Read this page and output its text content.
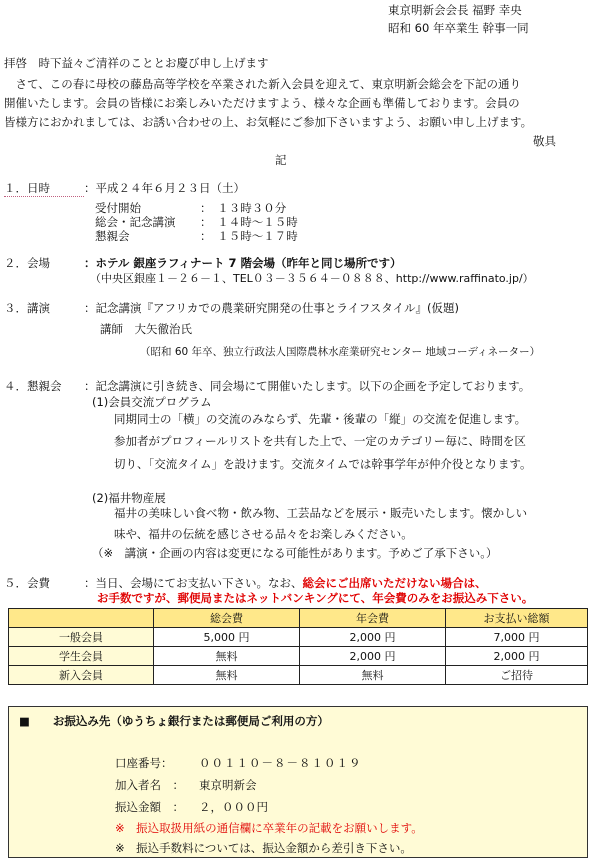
東京明新会会長 福野 幸央
昭和 60 年卒業生 幹事一同
拝啓　時下益々ご清祥のこととお慶び申し上げます
　さて、この春に母校の藤島高等学校を卒業された新入会員を迎えて、東京明新会総会を下記の通り
開催いたします。会員の皆様にお楽しみいただけますよう、様々な企画も準備しております。会員の
皆様方におかれましては、お誘い合わせの上、お気軽にご参加下さいますよう、お願い申し上げます。
敬具
記
１．日時	：平成２４年６月２３日（土）
受付開始	：　１３時３０分
総会・記念講演 ：　１４時～１５時
懇親会	：　１５時～１７時
２．会場	：ホテル 銀座ラフィナート 7 階会場（昨年と同じ場所です）
（中央区銀座１－２６－１、TEL０３－３５６４－０８８８、http://www.raffinato.jp/）
３．講演	：記念講演『アフリカでの農業研究開発の仕事とライフスタイル』(仮題)
講師　大矢徹治氏
（昭和 60 年卒、独立行政法人国際農林水産業研究センター 地域コーディネーター）
４．懇親会 ：記念講演に引き続き、同会場にて開催いたします。以下の企画を予定しております。
(1)会員交流プログラム
同期同士の「横」の交流のみならず、先輩・後輩の「縦」の交流を促進します。
参加者がプロフィールリストを共有した上で、一定のカテゴリー毎に、時間を区
切り、「交流タイム」を設けます。交流タイムでは幹事学年が仲介役となります。
(2)福井物産展
福井の美味しい食べ物・飲み物、工芸品などを展示・販売いたします。懐かしい
味や、福井の伝統を感じさせる品々をお楽しみください。
（※　講演・企画の内容は変更になる可能性があります。予めご了承下さい。）
５．会費	：当日、会場にてお支払い下さい。なお、総会にご出席いただけない場合は、
お手数ですが、郵便局またはネットバンキングにて、年会費のみをお振込み下さい。
	総会費	年会費	お支払い総額
一般会員	5,000 円	2,000 円	7,000 円
学生会員	無料	2,000 円	2,000 円
新入会員	無料	無料	ご招待
■　　お振込み先（ゆうちょ銀行または郵便局ご利用の方）
口座番号： ００１１０－８－８１０１９
加入者名　： 東京明新会
振込金額　： ２，０００円
※　振込取扱用紙の通信欄に卒業年の記載をお願いします。
※　振込手数料については、振込金額から差引き下さい。
